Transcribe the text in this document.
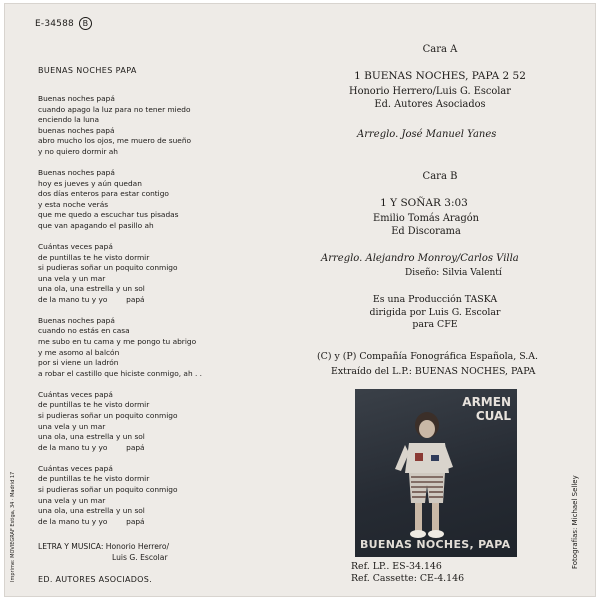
E-34588 B
BUENAS NOCHES PAPA
Buenas noches papá
cuando apago la luz para no tener miedo
enciendo la luna
buenas noches papá
abro mucho los ojos, me muero de sueño
y no quiero dormir ah
Buenas noches papá
hoy es jueves y aún quedan
dos días enteros para estar contigo
y esta noche verás
que me quedo a escuchar tus pisadas
que van apagando el pasillo ah
Cuántas veces papá
de puntillas te he visto dormir
si pudieras soñar un poquito conmigo
una vela y un mar
una ola, una estrella y un sol
de la mano tu y yo        papá
Buenas noches papá
cuando no estás en casa
me subo en tu cama y me pongo tu abrigo
y me asomo al balcón
por si viene un ladrón
a robar el castillo que hiciste conmigo, ah . .
Cuántas veces papá
de puntillas te he visto dormir
si pudieras soñar un poquito conmigo
una vela y un mar
una ola, una estrella y un sol
de la mano tu y yo        papá
Cuántas veces papá
de puntillas te he visto dormir
si pudieras soñar un poquito conmigo
una vela y un mar
una ola, una estrella y un sol
de la mano tu y yo        papá
LETRA Y MUSICA: Honorio Herrero/
Luis G. Escolar
ED. AUTORES ASOCIADOS.
Imprime: MOVIEGRAF Estiga, 34 · Madrid 17
Cara A
1 BUENAS NOCHES, PAPA 2 52
Honorio Herrero/Luis G. Escolar
Ed. Autores Asociados
Arreglo. José Manuel Yanes
Cara B
1 Y SOÑAR 3:03
Emilio Tomás Aragón
Ed Discorama
Arreglo. Alejandro Monroy/Carlos Villa
Diseño: Silvia Valentí
Es una Producción TASKA
dirigida por Luis G. Escolar
para CFE
(C) y (P) Compañía Fonográfica Española, S.A.
Extraído del L.P.: BUENAS NOCHES, PAPA
ARMEN
CUAL
BUENAS NOCHES, PAPA
Ref. LP.. ES-34.146
Ref. Cassette: CE-4.146
Fotografías: Michael Selley
